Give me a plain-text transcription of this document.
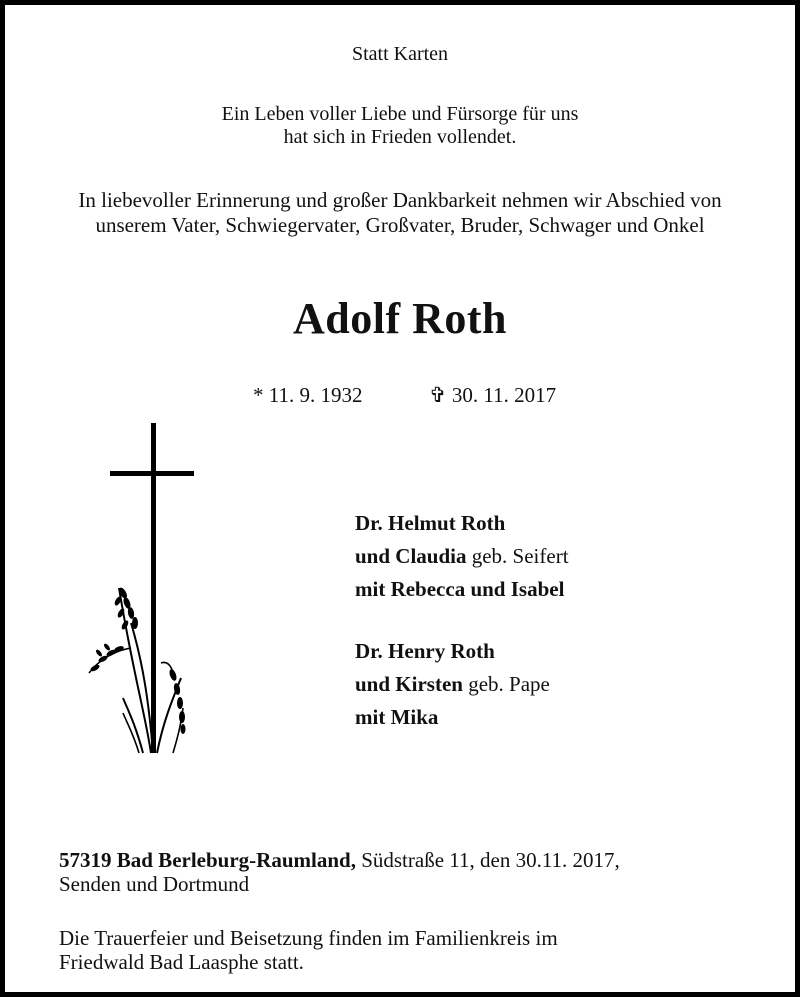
Statt Karten
Ein Leben voller Liebe und Fürsorge für uns
hat sich in Frieden vollendet.
In liebevoller Erinnerung und großer Dankbarkeit nehmen wir Abschied von
unserem Vater, Schwiegervater, Großvater, Bruder, Schwager und Onkel
Adolf Roth
* 11. 9. 1932	✞ 30. 11. 2017
Dr. Helmut Roth
und Claudia geb. Seifert
mit Rebecca und Isabel
Dr. Henry Roth
und Kirsten geb. Pape
mit Mika
57319 Bad Berleburg-Raumland, Südstraße 11, den 30.11. 2017,
Senden und Dortmund
Die Trauerfeier und Beisetzung finden im Familienkreis im
Friedwald Bad Laasphe statt.
